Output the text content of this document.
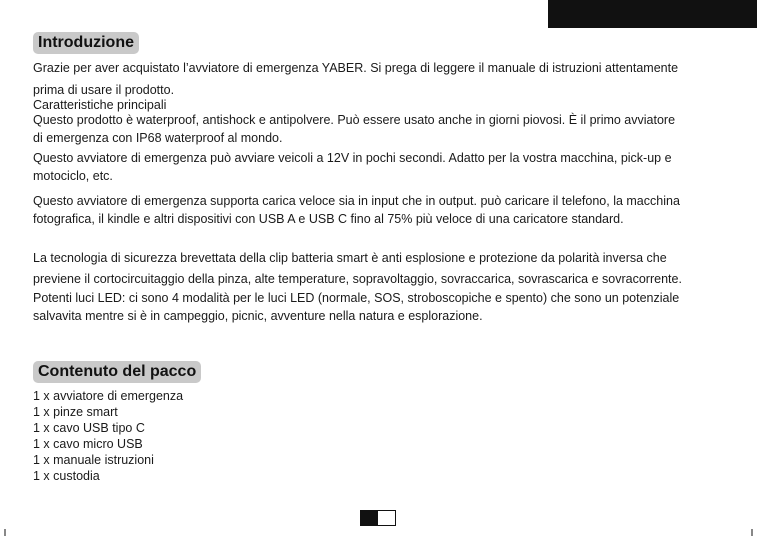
Introduzione
Grazie per aver acquistato l’avviatore di emergenza YABER. Si prega di leggere il manuale di istruzioni attentamente
prima di usare il prodotto.
Caratteristiche principali
Questo prodotto è waterproof, antishock e antipolvere. Può essere usato anche in giorni piovosi. È il primo avviatore
di emergenza con IP68 waterproof al mondo.
Questo avviatore di emergenza può avviare veicoli a 12V in pochi secondi. Adatto per la vostra macchina, pick-up e
motociclo, etc.
Questo avviatore di emergenza supporta carica veloce sia in input che in output. può caricare il telefono, la macchina
fotografica, il kindle e altri dispositivi con USB A e USB C fino al 75% più veloce di una caricatore standard.
La tecnologia di sicurezza brevettata della clip batteria smart è anti esplosione e protezione da polarità inversa che
previene il cortocircuitaggio della pinza, alte temperature, sopravoltaggio, sovraccarica, sovrascarica e sovracorrente.
Potenti luci LED: ci sono 4 modalità per le luci LED (normale, SOS, stroboscopiche e spento) che sono un potenziale
salvavita mentre si è in campeggio, picnic, avventure nella natura e esplorazione.
Contenuto del pacco
1 x avviatore di emergenza
1 x pinze smart
1 x cavo USB tipo C
1 x cavo micro USB
1 x manuale istruzioni
1 x custodia
